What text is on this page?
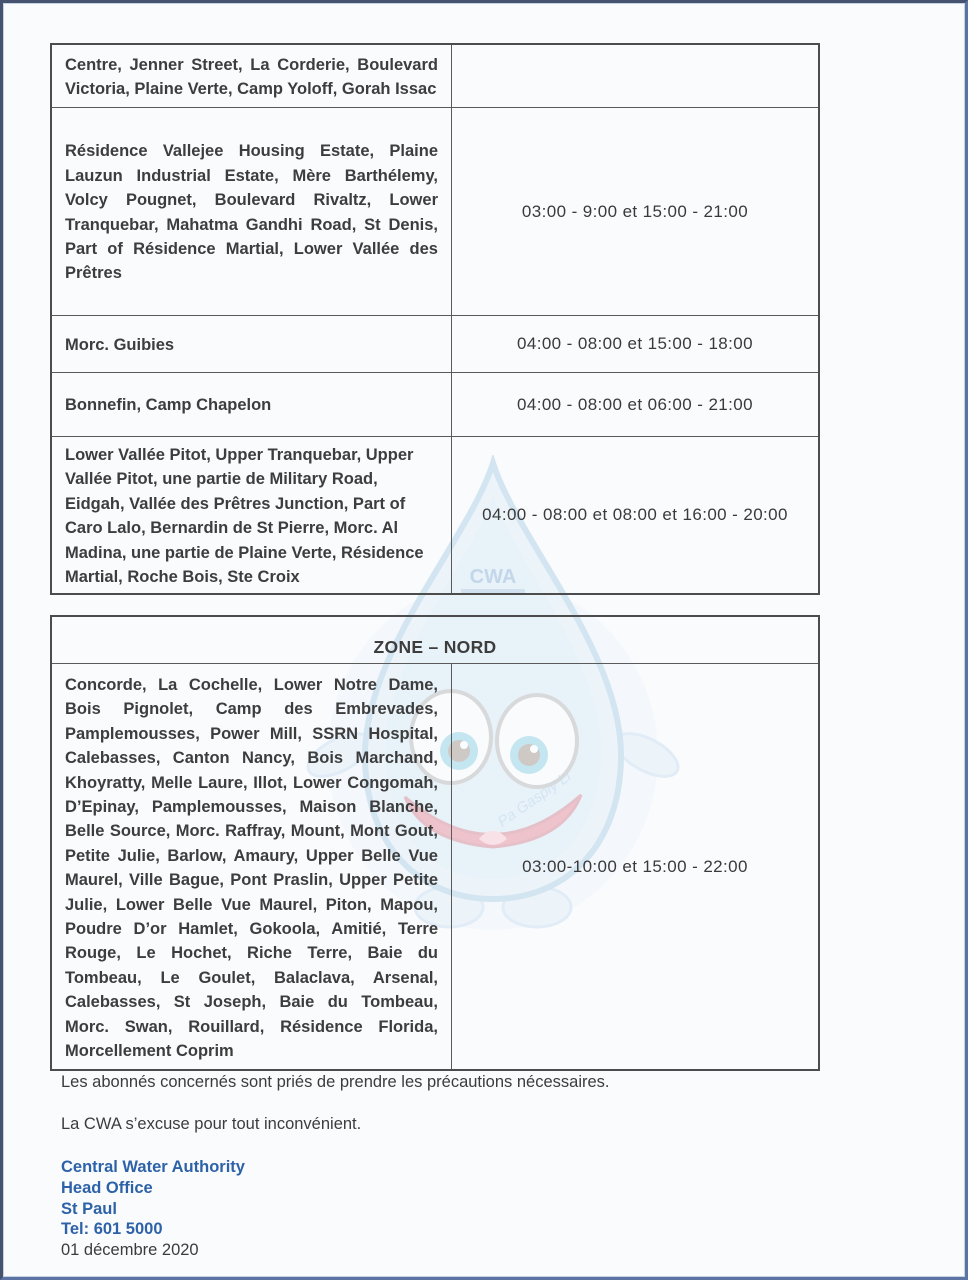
CWA
Pa Gaspiy Li

Centre, Jenner Street, La Corderie, Boulevard Victoria, Plaine Verte, Camp Yoloff, Gorah Issac

Résidence Vallejee Housing Estate, Plaine Lauzun Industrial Estate, Mère Barthélemy, Volcy Pougnet, Boulevard Rivaltz, Lower Tranquebar, Mahatma Gandhi Road, St Denis, Part of Résidence Martial, Lower Vallée des Prêtres

03:00 - 9:00 et 15:00 - 21:00

Morc. Guibies	04:00 - 08:00 et 15:00 - 18:00

Bonnefin, Camp Chapelon	04:00 - 08:00 et 06:00 - 21:00

Lower Vallée Pitot, Upper Tranquebar, Upper Vallée Pitot, une partie de Military Road, Eidgah, Vallée des Prêtres Junction, Part of Caro Lalo, Bernardin de St Pierre, Morc. Al Madina, une partie de Plaine Verte, Résidence Martial, Roche Bois, Ste Croix

04:00 - 08:00 et 08:00 et 16:00 - 20:00
ZONE – NORD

Concorde, La Cochelle, Lower Notre Dame, Bois Pignolet, Camp des Embrevades, Pamplemousses, Power Mill, SSRN Hospital, Calebasses, Canton Nancy, Bois Marchand, Khoyratty, Melle Laure, Illot, Lower Congomah, D’Epinay, Pamplemousses, Maison Blanche, Belle Source, Morc. Raffray, Mount, Mont Gout, Petite Julie, Barlow, Amaury, Upper Belle Vue Maurel, Ville Bague, Pont Praslin, Upper Petite Julie, Lower Belle Vue Maurel, Piton, Mapou, Poudre D’or Hamlet, Gokoola, Amitié, Terre Rouge, Le Hochet, Riche Terre, Baie du Tombeau, Le Goulet, Balaclava, Arsenal, Calebasses, St Joseph, Baie du Tombeau, Morc. Swan, Rouillard, Résidence Florida, Morcellement Coprim

03:00-10:00 et 15:00 - 22:00
Les abonnés concernés sont priés de prendre les précautions nécessaires.
La CWA s’excuse pour tout inconvénient.
Central Water Authority
Head Office
St Paul
Tel: 601 5000
01 décembre 2020
